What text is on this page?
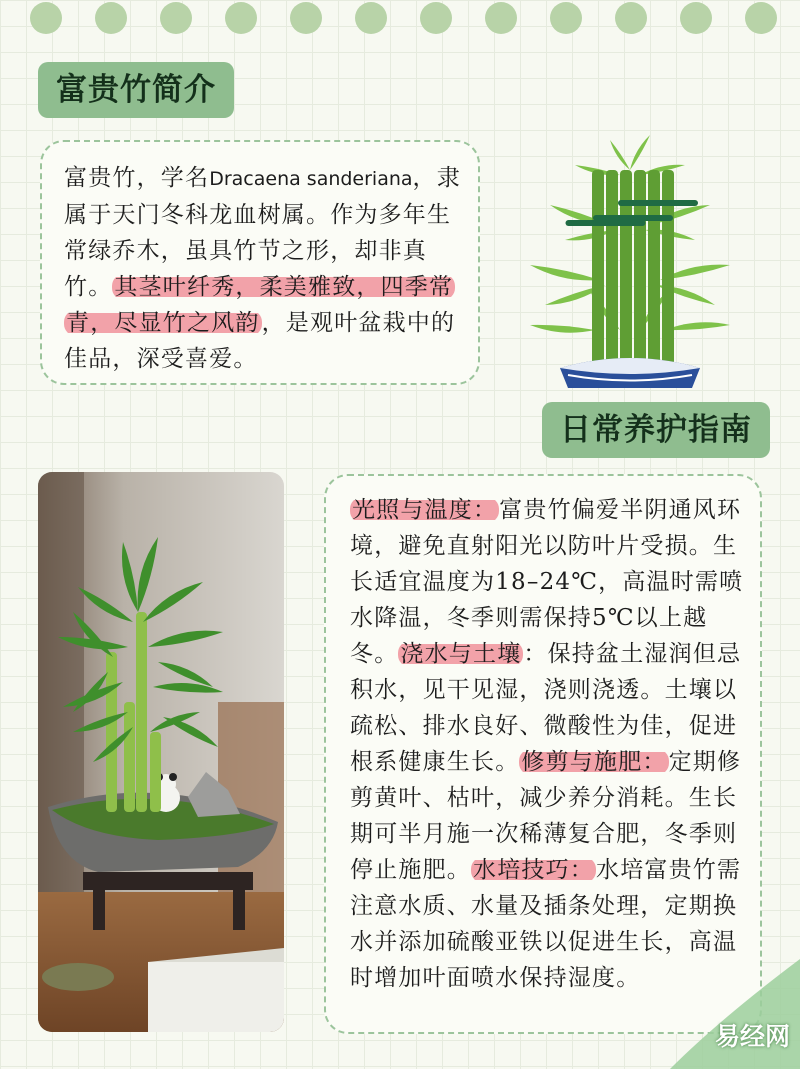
富贵竹简介

富贵竹，学名Dracaena sanderiana，隶属于天门冬科龙血树属。作为多年生常绿乔木，虽具竹节之形，却非真竹。其茎叶纤秀，柔美雅致，四季常青，尽显竹之风韵，是观叶盆栽中的佳品，深受喜爱。

日常养护指南

光照与温度：富贵竹偏爱半阴通风环境，避免直射阳光以防叶片受损。生长适宜温度为18–24℃，高温时需喷水降温，冬季则需保持5℃以上越冬。浇水与土壤：保持盆土湿润但忌积水，见干见湿，浇则浇透。土壤以疏松、排水良好、微酸性为佳，促进根系健康生长。修剪与施肥：定期修剪黄叶、枯叶，减少养分消耗。生长期可半月施一次稀薄复合肥，冬季则停止施肥。水培技巧：水培富贵竹需注意水质、水量及插条处理，定期换水并添加硫酸亚铁以促进生长，高温时增加叶面喷水保持湿度。

易经网
